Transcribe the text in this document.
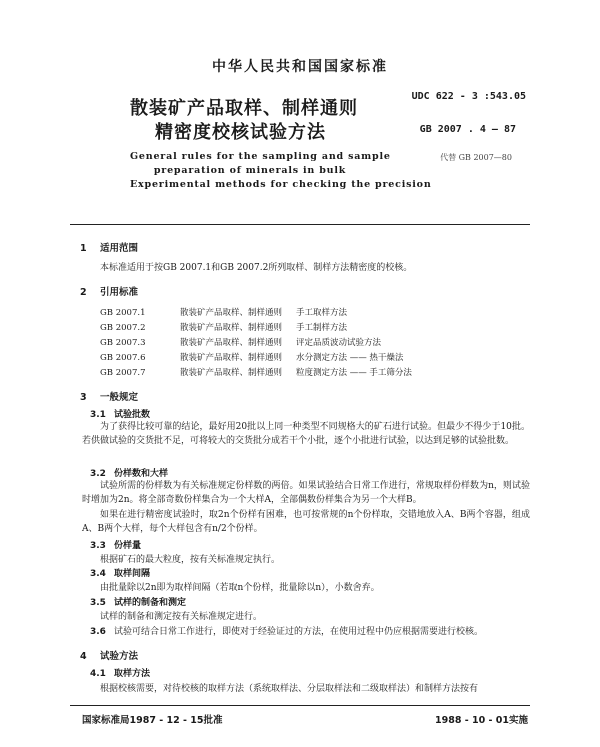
中华人民共和国国家标准
散装矿产品取样、制样通则
精密度校核试验方法
UDC 622 - 3 :543.05
GB 2007 . 4 — 87
代替 GB 2007—80
General rules for the sampling and sample
preparation of minerals in bulk
Experimental methods for checking the precision
1 适用范围
本标准适用于按GB 2007.1和GB 2007.2所列取样、制样方法精密度的校核。
2 引用标准
GB 2007.1	散装矿产品取样、制样通则 手工取样方法
GB 2007.2	散装矿产品取样、制样通则 手工制样方法
GB 2007.3	散装矿产品取样、制样通则 评定品质波动试验方法
GB 2007.6	散装矿产品取样、制样通则 水分测定方法 —— 热干燥法
GB 2007.7	散装矿产品取样、制样通则 粒度测定方法 —— 手工筛分法
3 一般规定
3.1 试验批数
为了获得比较可靠的结论，最好用20批以上同一种类型不同规格大的矿石进行试验。但最少不得少于10批。若供做试验的交货批不足，可将较大的交货批分成若干个小批，逐个小批进行试验，以达到足够的试验批数。
3.2 份样数和大样
试验所需的份样数为有关标准规定份样数的两倍。如果试验结合日常工作进行，常规取样份样数为n，则试验时增加为2n。将全部奇数份样集合为一个大样A，全部偶数份样集合为另一个大样B。
如果在进行精密度试验时，取2n个份样有困难，也可按常规的n个份样取，交错地放入A、B两个容器，组成A、B两个大样，每个大样包含有n/2个份样。
3.3 份样量
根据矿石的最大粒度，按有关标准规定执行。
3.4 取样间隔
由批量除以2n即为取样间隔（若取n个份样，批量除以n），小数舍弃。
3.5 试样的制备和测定
试样的制备和测定按有关标准规定进行。
3.6 试验可结合日常工作进行，即使对于经验证过的方法，在使用过程中仍应根据需要进行校核。
4 试验方法
4.1 取样方法
根据校核需要，对待校核的取样方法（系统取样法、分层取样法和二级取样法）和制样方法按有
国家标准局1987 - 12 - 15批准	1988 - 10 - 01实施
